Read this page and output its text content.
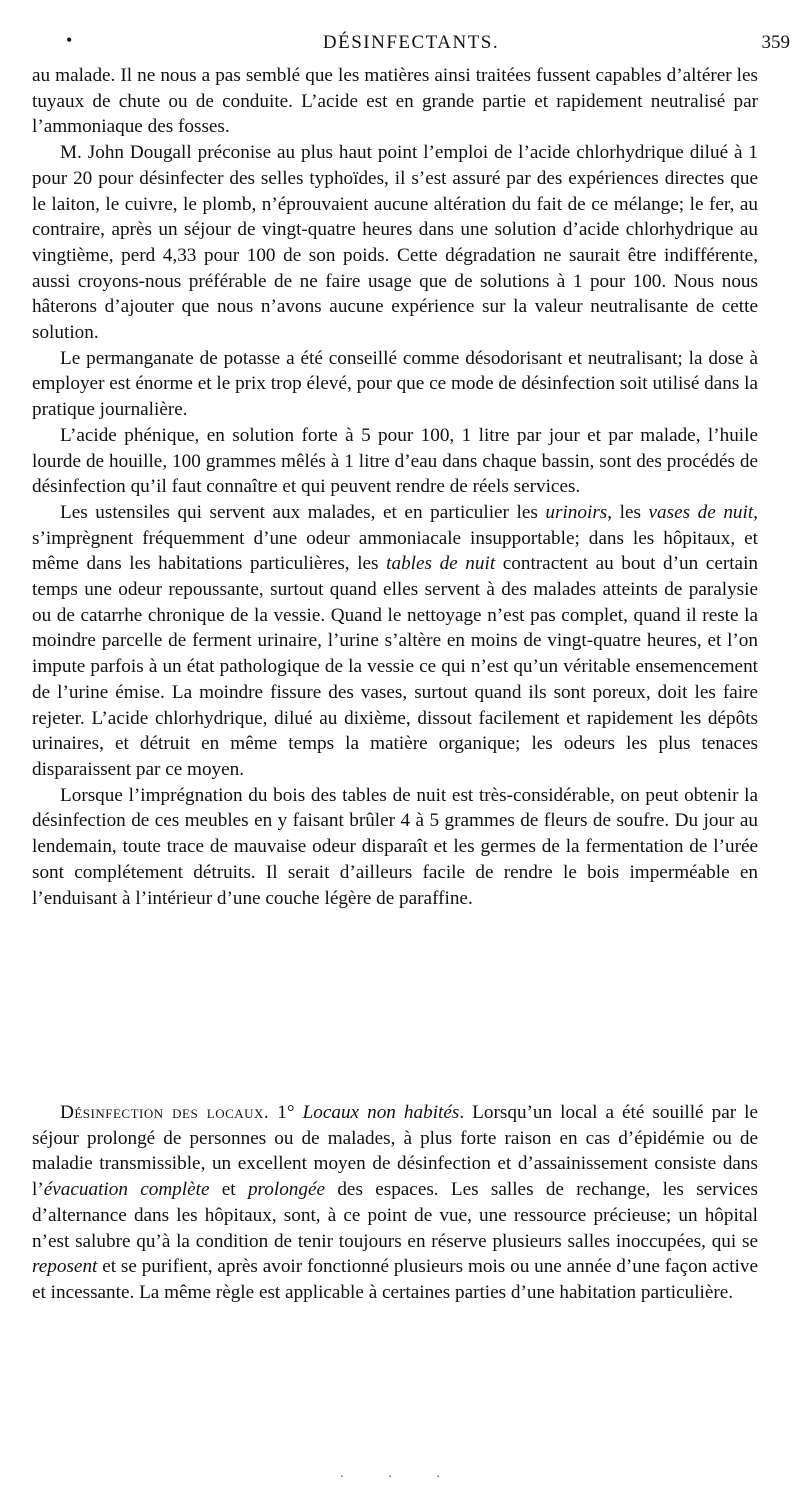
•	DÉSINFECTANTS.	359

au malade. Il ne nous a pas semblé que les matières ainsi traitées fussent capables d’altérer les tuyaux de chute ou de conduite. L’acide est en grande partie et rapidement neutralisé par l’ammoniaque des fosses.

M. John Dougall préconise au plus haut point l’emploi de l’acide chlorhydrique dilué à 1 pour 20 pour désinfecter des selles typhoïdes, il s’est assuré par des expériences directes que le laiton, le cuivre, le plomb, n’éprouvaient aucune altération du fait de ce mélange; le fer, au contraire, après un séjour de vingt-quatre heures dans une solution d’acide chlorhydrique au vingtième, perd 4,33 pour 100 de son poids. Cette dégradation ne saurait être indifférente, aussi croyons-nous préférable de ne faire usage que de solutions à 1 pour 100. Nous nous hâterons d’ajouter que nous n’avons aucune expérience sur la valeur neutralisante de cette solution.

Le permanganate de potasse a été conseillé comme désodorisant et neutralisant; la dose à employer est énorme et le prix trop élevé, pour que ce mode de désinfection soit utilisé dans la pratique journalière.

L’acide phénique, en solution forte à 5 pour 100, 1 litre par jour et par malade, l’huile lourde de houille, 100 grammes mêlés à 1 litre d’eau dans chaque bassin, sont des procédés de désinfection qu’il faut connaître et qui peuvent rendre de réels services.

Les ustensiles qui servent aux malades, et en particulier les urinoirs, les vases de nuit, s’imprègnent fréquemment d’une odeur ammoniacale insupportable; dans les hôpitaux, et même dans les habitations particulières, les tables de nuit contractent au bout d’un certain temps une odeur repoussante, surtout quand elles servent à des malades atteints de paralysie ou de catarrhe chronique de la vessie. Quand le nettoyage n’est pas complet, quand il reste la moindre parcelle de ferment urinaire, l’urine s’altère en moins de vingt-quatre heures, et l’on impute parfois à un état pathologique de la vessie ce qui n’est qu’un véritable ensemencement de l’urine émise. La moindre fissure des vases, surtout quand ils sont poreux, doit les faire rejeter. L’acide chlorhydrique, dilué au dixième, dissout facilement et rapidement les dépôts urinaires, et détruit en même temps la matière organique; les odeurs les plus tenaces disparaissent par ce moyen.

Lorsque l’imprégnation du bois des tables de nuit est très-considérable, on peut obtenir la désinfection de ces meubles en y faisant brûler 4 à 5 grammes de fleurs de soufre. Du jour au lendemain, toute trace de mauvaise odeur disparaît et les germes de la fermentation de l’urée sont complétement détruits. Il serait d’ailleurs facile de rendre le bois imperméable en l’enduisant à l’intérieur d’une couche légère de paraffine.

Désinfection des locaux. 1° Locaux non habités. Lorsqu’un local a été souillé par le séjour prolongé de personnes ou de malades, à plus forte raison en cas d’épidémie ou de maladie transmissible, un excellent moyen de désinfection et d’assainissement consiste dans l’évacuation complète et prolongée des espaces. Les salles de rechange, les services d’alternance dans les hôpitaux, sont, à ce point de vue, une ressource précieuse; un hôpital n’est salubre qu’à la condition de tenir toujours en réserve plusieurs salles inoccupées, qui se reposent et se purifient, après avoir fonctionné plusieurs mois ou une année d’une façon active et incessante. La même règle est applicable à certaines parties d’une habitation particulière.

· · ·
